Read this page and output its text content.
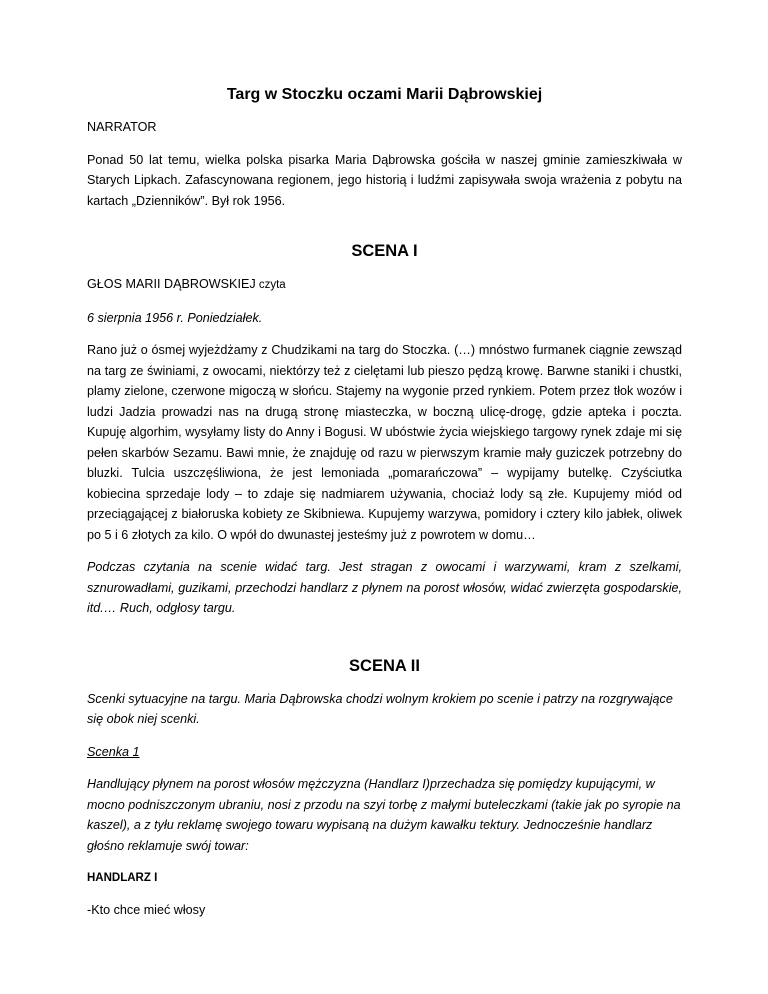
Targ w Stoczku oczami Marii Dąbrowskiej

NARRATOR

Ponad 50 lat temu, wielka polska pisarka Maria Dąbrowska gościła w naszej gminie zamieszkiwała w Starych Lipkach. Zafascynowana regionem, jego historią i ludźmi zapisywała swoja wrażenia z pobytu na kartach „Dzienników”. Był rok 1956.

SCENA I

GŁOS MARII DĄBROWSKIEJ czyta

6 sierpnia 1956 r. Poniedziałek.

Rano już o ósmej wyjeżdżamy z Chudzikami na targ do Stoczka. (…) mnóstwo furmanek ciągnie zewsząd na targ ze świniami, z owocami, niektórzy też z cielętami lub pieszo pędzą krowę. Barwne staniki i chustki, plamy zielone, czerwone migoczą w słońcu. Stajemy na wygonie przed rynkiem. Potem przez tłok wozów i ludzi Jadzia prowadzi nas na drugą stronę miasteczka, w boczną ulicę-drogę, gdzie apteka i poczta. Kupuję algorhim, wysyłamy listy do Anny i Bogusi. W ubóstwie życia wiejskiego targowy rynek zdaje mi się pełen skarbów Sezamu. Bawi mnie, że znajduję od razu w pierwszym kramie mały guziczek potrzebny do bluzki. Tulcia uszczęśliwiona, że jest lemoniada „pomarańczowa” – wypijamy butelkę. Czyściutka kobiecina sprzedaje lody – to zdaje się nadmiarem używania, chociaż lody są złe. Kupujemy miód od przeciągającej z białoruska kobiety ze Skibniewa. Kupujemy warzywa, pomidory i cztery kilo jabłek, oliwek po 5 i 6 złotych za kilo. O wpół do dwunastej jesteśmy już z powrotem w domu…

Podczas czytania na scenie widać targ. Jest stragan z owocami i warzywami, kram z szelkami, sznurowadłami, guzikami, przechodzi handlarz z płynem na porost włosów, widać zwierzęta gospodarskie, itd.… Ruch, odgłosy targu.

SCENA II

Scenki sytuacyjne na targu. Maria Dąbrowska chodzi wolnym krokiem po scenie i patrzy na rozgrywające się obok niej scenki.

Scenka 1

Handlujący płynem na porost włosów mężczyzna (Handlarz I)przechadza się pomiędzy kupującymi, w mocno podniszczonym ubraniu, nosi z przodu na szyi torbę z małymi buteleczkami (takie jak po syropie na kaszel), a z tyłu reklamę swojego towaru wypisaną na dużym kawałku tektury. Jednocześnie handlarz głośno reklamuje swój towar:

HANDLARZ I

-Kto chce mieć włosy
